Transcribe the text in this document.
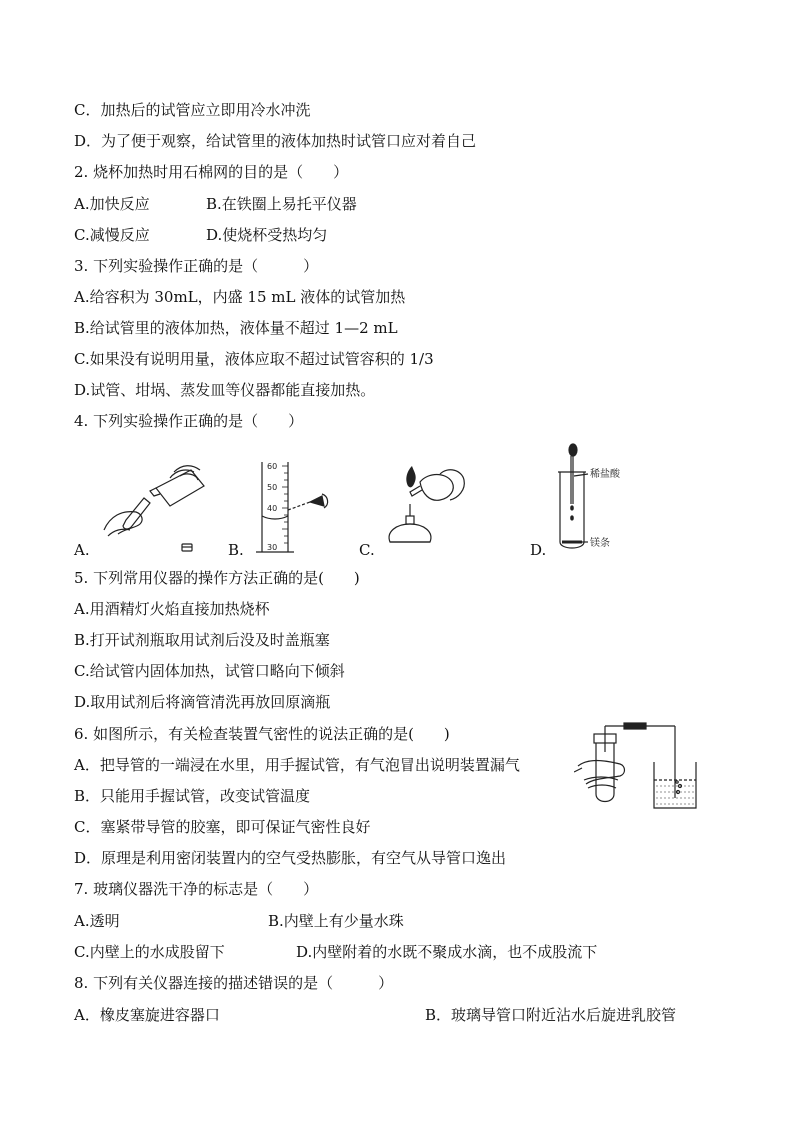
C．加热后的试管应立即用冷水冲洗
D．为了便于观察，给试管里的液体加热时试管口应对着自己
2. 烧杯加热时用石棉网的目的是（　　）
A.加快反应	B.在铁圈上易托平仪器
C.减慢反应	D.使烧杯受热均匀
3. 下列实验操作正确的是（　　　）
A.给容积为 30mL，内盛 15 mL 液体的试管加热
B.给试管里的液体加热，液体量不超过 1—2 mL
C.如果没有说明用量，液体应取不超过试管容积的 1/3
D.试管、坩埚、蒸发皿等仪器都能直接加热。
4. 下列实验操作正确的是（　　）
A.	B.
60
50
40
30	C.	D.
稀盐酸
镁条
5. 下列常用仪器的操作方法正确的是(　　)
A.用酒精灯火焰直接加热烧杯
B.打开试剂瓶取用试剂后没及时盖瓶塞
C.给试管内固体加热，试管口略向下倾斜
D.取用试剂后将滴管清洗再放回原滴瓶
6. 如图所示，有关检查装置气密性的说法正确的是(　　)
A．把导管的一端浸在水里，用手握试管，有气泡冒出说明装置漏气
B．只能用手握试管，改变试管温度
C．塞紧带导管的胶塞，即可保证气密性良好
D．原理是利用密闭装置内的空气受热膨胀，有空气从导管口逸出
7. 玻璃仪器洗干净的标志是（　　）
A.透明	B.内壁上有少量水珠
C.内壁上的水成股留下	D.内壁附着的水既不聚成水滴，也不成股流下
8. 下列有关仪器连接的描述错误的是（　　　）
A．橡皮塞旋进容器口	B．玻璃导管口附近沾水后旋进乳胶管
